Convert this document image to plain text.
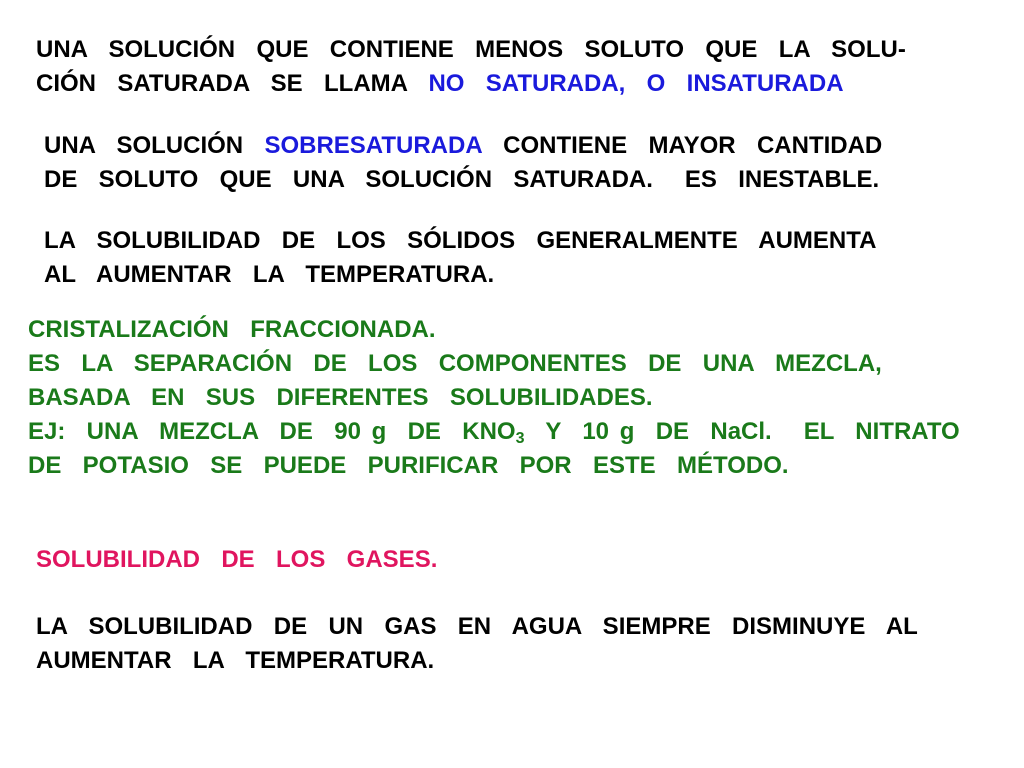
UNA  SOLUCIÓN  QUE  CONTIENE  MENOS  SOLUTO  QUE  LA  SOLU-
CIÓN  SATURADA  SE  LLAMA  NO  SATURADA,  O  INSATURADA
UNA  SOLUCIÓN  SOBRESATURADA  CONTIENE  MAYOR  CANTIDAD
DE  SOLUTO  QUE  UNA  SOLUCIÓN  SATURADA.   ES  INESTABLE.
LA  SOLUBILIDAD  DE  LOS  SÓLIDOS  GENERALMENTE  AUMENTA
AL  AUMENTAR  LA  TEMPERATURA.
CRISTALIZACIÓN  FRACCIONADA.
ES  LA  SEPARACIÓN  DE  LOS  COMPONENTES  DE  UNA  MEZCLA,
BASADA  EN  SUS  DIFERENTES  SOLUBILIDADES.
EJ:  UNA  MEZCLA  DE  90 g  DE  $KNO_3$  Y  10 g  DE  NaCl.   EL  NITRATO
DE  POTASIO  SE  PUEDE  PURIFICAR  POR  ESTE  MÉTODO.
SOLUBILIDAD  DE  LOS  GASES.
LA  SOLUBILIDAD  DE  UN  GAS  EN  AGUA  SIEMPRE  DISMINUYE  AL
AUMENTAR  LA  TEMPERATURA.
